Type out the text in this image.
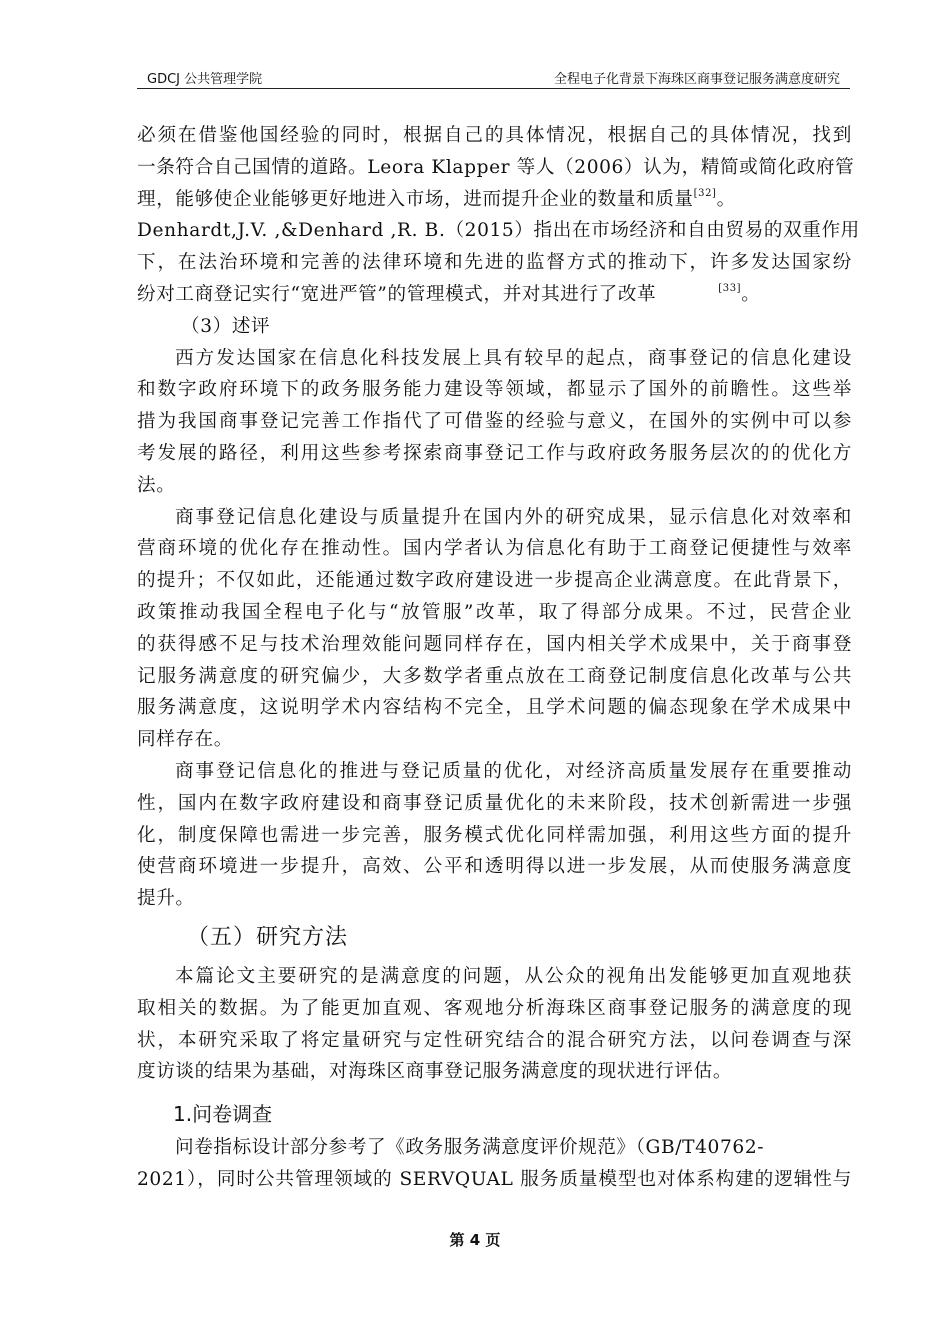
GDCJ 公共管理学院	全程电子化背景下海珠区商事登记服务满意度研究
必须在借鉴他国经验的同时，根据自己的具体情况，根据自己的具体情况，找到
一条符合自己国情的道路。Leora Klapper 等人（2006）认为，精简或简化政府管
理，能够使企业能够更好地进入市场，进而提升企业的数量和质量[32]。
Denhardt,J.V. ,&Denhard ,R. B.（2015）指出在市场经济和自由贸易的双重作用
下，在法治环境和完善的法律环境和先进的监督方式的推动下，许多发达国家纷
纷对工商登记实行“宽进严管”的管理模式，并对其进行了改革	[33]。
（3）述评
西方发达国家在信息化科技发展上具有较早的起点，商事登记的信息化建设
和数字政府环境下的政务服务能力建设等领域，都显示了国外的前瞻性。这些举
措为我国商事登记完善工作指代了可借鉴的经验与意义，在国外的实例中可以参
考发展的路径，利用这些参考探索商事登记工作与政府政务服务层次的的优化方
法。
商事登记信息化建设与质量提升在国内外的研究成果，显示信息化对效率和
营商环境的优化存在推动性。国内学者认为信息化有助于工商登记便捷性与效率
的提升；不仅如此，还能通过数字政府建设进一步提高企业满意度。在此背景下，
政策推动我国全程电子化与“放管服”改革，取了得部分成果。不过，民营企业
的获得感不足与技术治理效能问题同样存在，国内相关学术成果中，关于商事登
记服务满意度的研究偏少，大多数学者重点放在工商登记制度信息化改革与公共
服务满意度，这说明学术内容结构不完全，且学术问题的偏态现象在学术成果中
同样存在。
商事登记信息化的推进与登记质量的优化，对经济高质量发展存在重要推动
性，国内在数字政府建设和商事登记质量优化的未来阶段，技术创新需进一步强
化，制度保障也需进一步完善，服务模式优化同样需加强，利用这些方面的提升
使营商环境进一步提升，高效、公平和透明得以进一步发展，从而使服务满意度
提升。
（五）研究方法
本篇论文主要研究的是满意度的问题，从公众的视角出发能够更加直观地获
取相关的数据。为了能更加直观、客观地分析海珠区商事登记服务的满意度的现
状，本研究采取了将定量研究与定性研究结合的混合研究方法，以问卷调查与深
度访谈的结果为基础，对海珠区商事登记服务满意度的现状进行评估。
1.问卷调查
问卷指标设计部分参考了《政务服务满意度评价规范》（GB/T40762-
2021），同时公共管理领域的 SERVQUAL 服务质量模型也对体系构建的逻辑性与
第 4 页
